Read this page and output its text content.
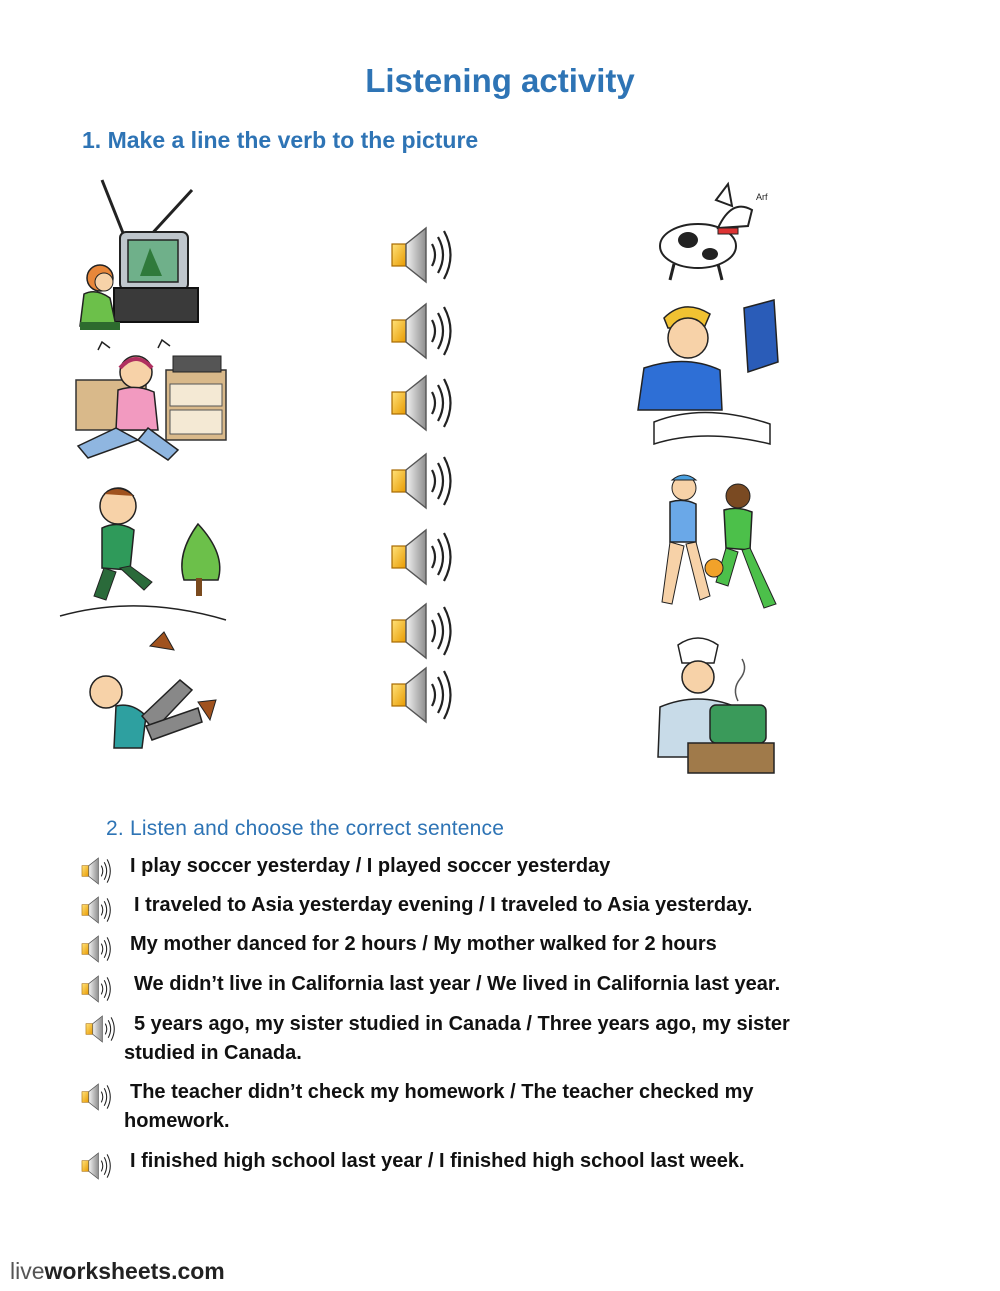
Listening activity
1. Make a line the verb to the picture
Arf
2. Listen and choose the correct sentence
I play soccer yesterday / I played soccer yesterday
I traveled to Asia yesterday evening / I traveled to Asia yesterday.
My mother danced for 2 hours / My mother walked for 2 hours
We didn’t live in California last year / We lived in California last year.
5 years ago, my sister studied in Canada / Three years ago, my sister
studied in Canada.
The teacher didn’t check my homework / The teacher checked my
homework.
I finished high school last year / I finished high school last week.
liveworksheets.com
